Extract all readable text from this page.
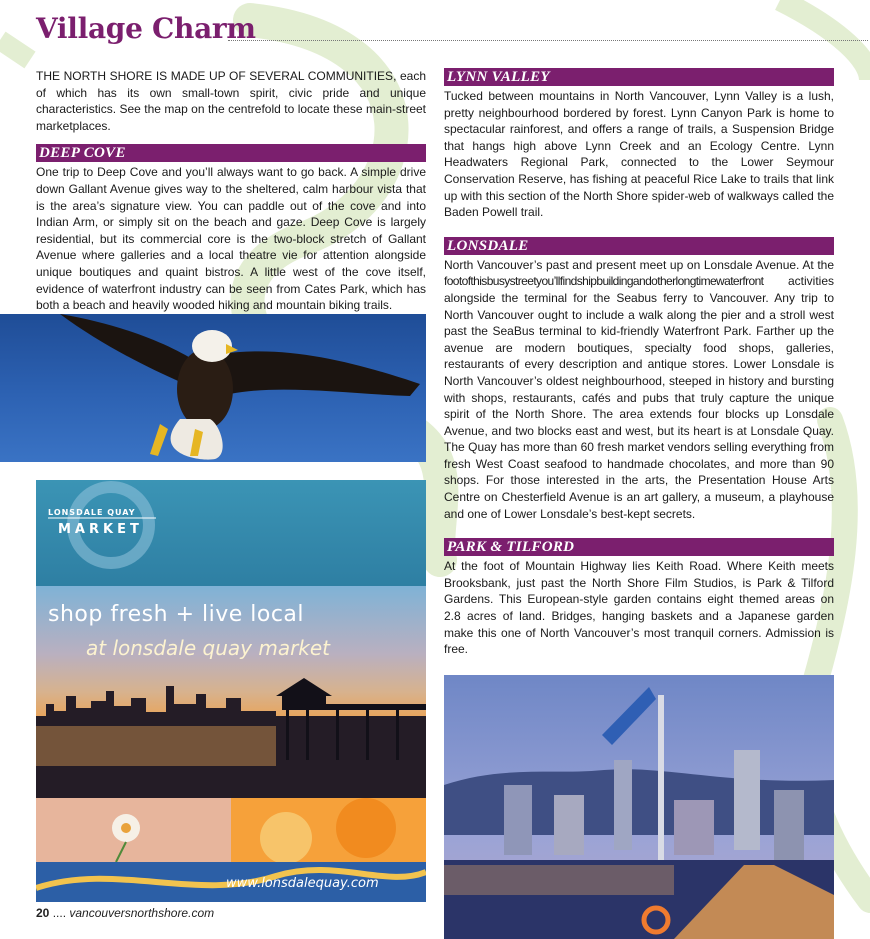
Village Charm

THE NORTH SHORE IS MADE UP OF SEVERAL COMMUNITIES, each of which has its own small-town spirit, civic pride and unique characteristics. See the map on the centrefold to locate these main-street marketplaces.

DEEP COVE

One trip to Deep Cove and you’ll always want to go back. A simple drive down Gallant Avenue gives way to the sheltered, calm harbour vista that is the area’s signature view. You can paddle out of the cove and into Indian Arm, or simply sit on the beach and gaze. Deep Cove is largely residential, but its commercial core is the two-block stretch of Gallant Avenue where galleries and a local theatre vie for attention alongside unique boutiques and quaint bistros. A little west of the cove itself, evidence of waterfront industry can be seen from Cates Park, which has both a beach and heavily wooded hiking and mountain biking trails.

LONSDALE QUAY
MARKET
shop fresh + live local
at lonsdale quay market
www.lonsdalequay.com
LYNN VALLEY

Tucked between mountains in North Vancouver, Lynn Valley is a lush, pretty neighbourhood bordered by forest. Lynn Canyon Park is home to spectacular rainforest, and offers a range of trails, a Suspension Bridge that hangs high above Lynn Creek and an Ecology Centre. Lynn Headwaters Regional Park, connected to the Lower Seymour Conservation Reserve, has fishing at peaceful Rice Lake to trails that link up with this section of the North Shore spider-web of walkways called the Baden Powell trail.

LONSDALE

North Vancouver’s past and present meet up on Lonsdale Avenue. At the footofthisbusystreetyou’llfindshipbuildingandotherlongtimewaterfront activities alongside the terminal for the Seabus ferry to Vancouver. Any trip to North Vancouver ought to include a walk along the pier and a stroll west past the SeaBus terminal to kid-friendly Waterfront Park. Farther up the avenue are modern boutiques, specialty food shops, galleries, restaurants of every description and antique stores. Lower Lonsdale is North Vancouver’s oldest neighbourhood, steeped in history and bursting with shops, restaurants, cafés and pubs that truly capture the unique spirit of the North Shore. The area extends four blocks up Lonsdale Avenue, and two blocks east and west, but its heart is at Lonsdale Quay. The Quay has more than 60 fresh market vendors selling everything from fresh West Coast seafood to handmade chocolates, and more than 90 shops. For those interested in the arts, the Presentation House Arts Centre on Chesterfield Avenue is an art gallery, a museum, a playhouse and one of Lower Lonsdale’s best-kept secrets.

PARK & TILFORD

At the foot of Mountain Highway lies Keith Road. Where Keith meets Brooksbank, just past the North Shore Film Studios, is Park & Tilford Gardens. This European-style garden contains eight themed areas on 2.8 acres of land. Bridges, hanging baskets and a Japanese garden make this one of North Vancouver’s most tranquil corners. Admission is free.

20 .... vancouversnorthshore.com
